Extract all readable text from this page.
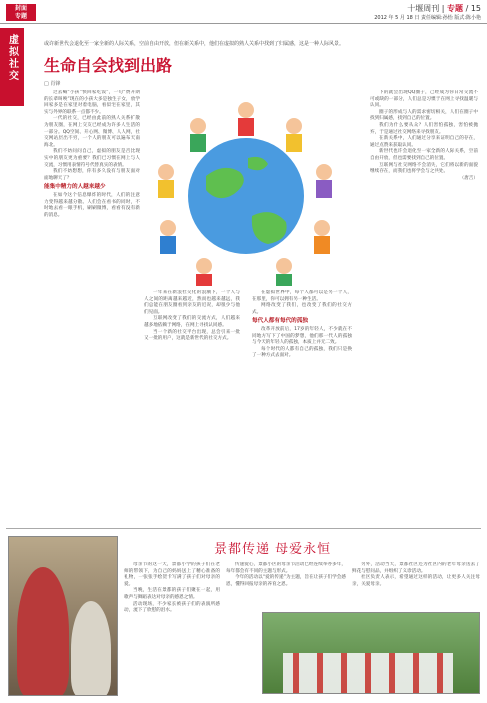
封面
专题
十堰周刊 | 专题 / 15
2012 年 5 月 18 日 责任编辑:孙怡 版式:陈小艳
虚拟社交	或许新世代会退化至一家全新的人际关系，空前自由开放，但在新关系中，他们在虚拟的熟人关系中找到了归属感，这是一种人际风景。
生命自会找到出路
□ 肖锋

过去喊“小孩”快回家吃饭”，一句“费开朗的长辈叫唤”现在的小孩大多是独生子女，放学回家多是在家里对着电脑，看似宅在家里，其实与外界的联系一点都不少。

一代的社交，已经由此前的熟人关系扩散为朋友圈，在网上交友已经成为许多人生活的一部分。QQ空间、开心网、微博、人人网，社交网站层出不穷，一个人的朋友可以遍布天南海北。

我们不妨问问自己，虚拟的朋友是否比现实中的朋友更为重要？我们已习惯在网上与人交流，习惯用表情符号代替真实的表情。

我们不妨想想，你有多久没有与朋友面对面地聊天了？

能集中精力的人越来越少

在如今这个信息爆炸的时代，人们的注意力变得越来越分散。人们会在看书的同时，不时地去看一眼手机，刷刷微博，看看有没有新的消息。

一年来在新浪社交化的浪潮下，一个人与人之间的距离越来越近，然而也越来越远，我们总能在朋友圈看到亲友的近况，却很少与他们见面。

互联网改变了我们的交流方式，人们越来越多地依赖于网络，在网上寻找认同感。

当一个新的社交平台出现，总会引来一批又一批的用户，这就是新世代的社交方式。

在虚拟世界中，每个人都可以是另一个人，在那里，你可以拥有另一种生活。

网络改变了我们，也改变了我们的社交方式。

每代人都有每代的孤独

改革开放前后，17岁的年轻人，不少就在不同地方写下了中国的梦想，他们那一代人的孤独与今天的年轻人的孤独，本质上并无二致。

每个时代的人都有自己的孤独，我们只是换了一种方式去面对。

下的就会出现QQ圈子，己经成为你日常交流不可或缺的一部分，人们总是习惯于在网上寻找温暖与认同。

圈子的形成与人的需求密切相关，人们在圈子中找到归属感，找到自己的位置。

我们为什么要从众？人们害怕孤独，害怕被抛弃，于是通过社交网络来寻找朋友。

在新关系中，人们通过分享来证明自己的存在，通过点赞来获取认同。

新世代也许会退化至一家全新的人际关系，空前自由开放，但也需要找到自己的位置。

互联网与社交网络不会消失，它们将以新的面貌继续存在，而我们也将学会与之共处。

（唐吉）

景都传递 母爱永恒

母亲节的这一天，景都小学的孩子们在老师的带领下，为自己的妈妈送上了精心准备的礼物，一张张手绘贺卡写满了孩子们对母亲的爱。

当晚，生活在景都的孩子们聚在一起，用歌声与舞蹈表达对母亲的感恩之情。

活动现场，不少家长被孩子们的表演所感动，流下了欣慰的泪水。

传递爱心，景都小区的母亲节活动已经连续举办多年，每年都会有不同的主题与形式。

今年的活动以“爱的传递”为主题，旨在让孩子们学会感恩，懂得回报母亲的养育之恩。

另外，活动当天，景都社区还为社区内的老年母亲送去了鲜花与慰问品，并组织了义诊活动。

社区负责人表示，希望通过这样的活动，让更多人关注母亲，关爱母亲。
